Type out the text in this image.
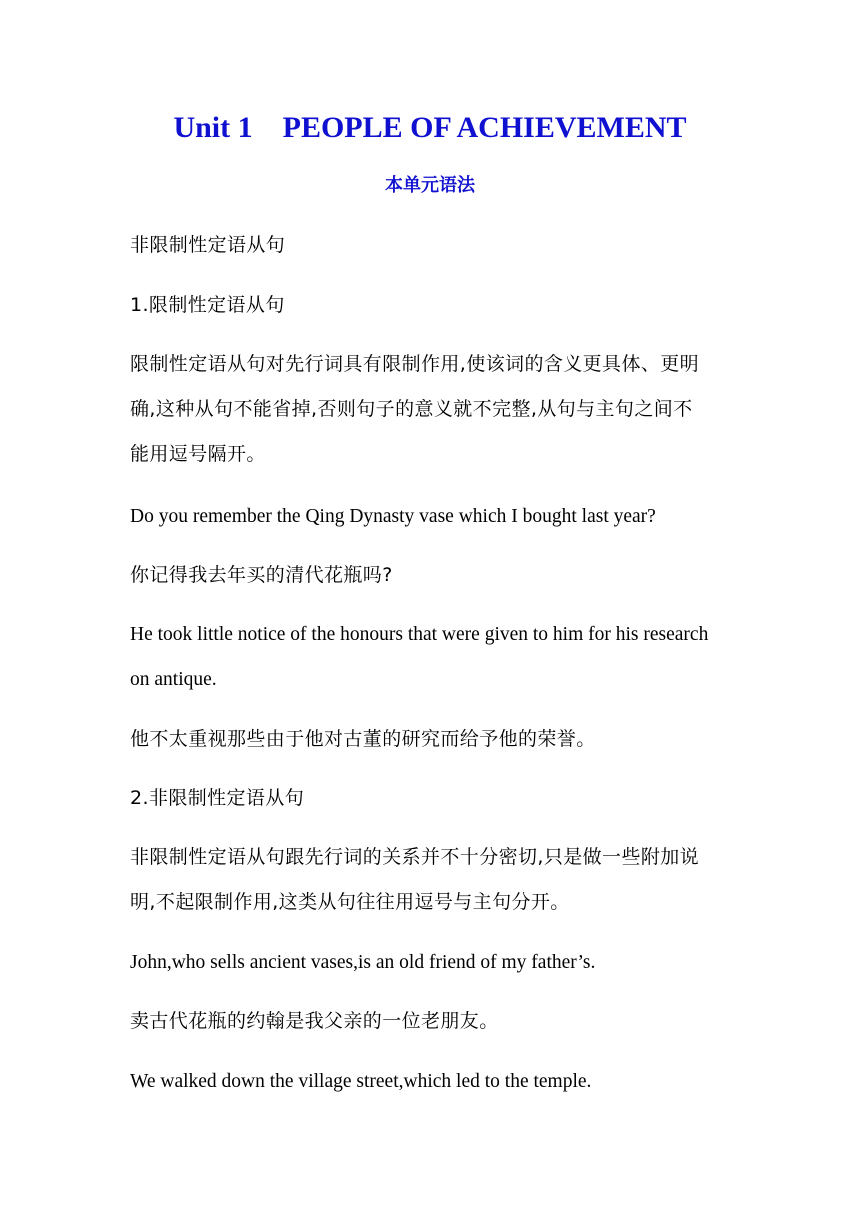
Unit 1    PEOPLE OF ACHIEVEMENT
本单元语法

非限制性定语从句

1.限制性定语从句

限制性定语从句对先行词具有限制作用,使该词的含义更具体、更明
确,这种从句不能省掉,否则句子的意义就不完整,从句与主句之间不
能用逗号隔开。

Do you remember the Qing Dynasty vase which I bought last year?

你记得我去年买的清代花瓶吗?

He took little notice of the honours that were given to him for his research
on antique.

他不太重视那些由于他对古董的研究而给予他的荣誉。

2.非限制性定语从句

非限制性定语从句跟先行词的关系并不十分密切,只是做一些附加说
明,不起限制作用,这类从句往往用逗号与主句分开。

John,who sells ancient vases,is an old friend of my father’s.

卖古代花瓶的约翰是我父亲的一位老朋友。

We walked down the village street,which led to the temple.
